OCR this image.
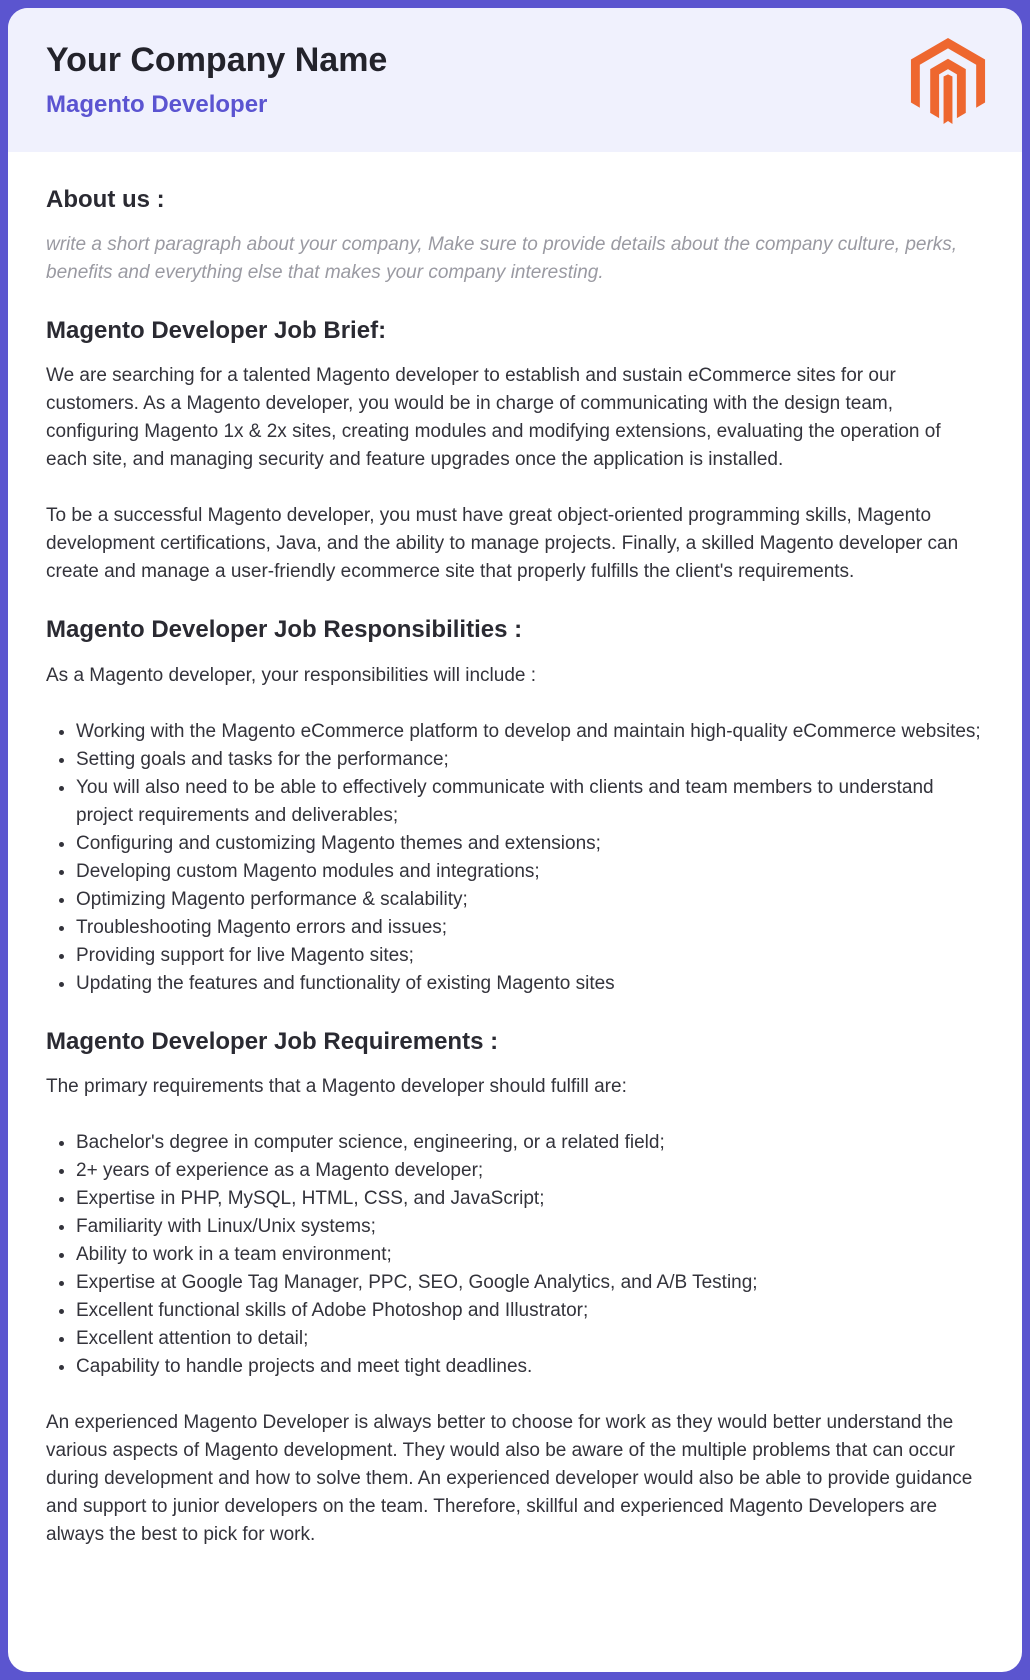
Your Company Name
Magento Developer
About us :

write a short paragraph about your company, Make sure to provide details about the company culture, perks, benefits and everything else that makes your company interesting.

Magento Developer Job Brief:

We are searching for a talented Magento developer to establish and sustain eCommerce sites for our customers. As a Magento developer, you would be in charge of communicating with the design team, configuring Magento 1x & 2x sites, creating modules and modifying extensions, evaluating the operation of each site, and managing security and feature upgrades once the application is installed.

To be a successful Magento developer, you must have great object-oriented programming skills, Magento development certifications, Java, and the ability to manage projects. Finally, a skilled Magento developer can create and manage a user-friendly ecommerce site that properly fulfills the client's requirements.

Magento Developer Job Responsibilities :

As a Magento developer, your responsibilities will include :

• Working with the Magento eCommerce platform to develop and maintain high-quality eCommerce websites;
• Setting goals and tasks for the performance;
• You will also need to be able to effectively communicate with clients and team members to understand project requirements and deliverables;
• Configuring and customizing Magento themes and extensions;
• Developing custom Magento modules and integrations;
• Optimizing Magento performance & scalability;
• Troubleshooting Magento errors and issues;
• Providing support for live Magento sites;
• Updating the features and functionality of existing Magento sites
Magento Developer Job Requirements :

The primary requirements that a Magento developer should fulfill are:

• Bachelor's degree in computer science, engineering, or a related field;
• 2+ years of experience as a Magento developer;
• Expertise in PHP, MySQL, HTML, CSS, and JavaScript;
• Familiarity with Linux/Unix systems;
• Ability to work in a team environment;
• Expertise at Google Tag Manager, PPC, SEO, Google Analytics, and A/B Testing;
• Excellent functional skills of Adobe Photoshop and Illustrator;
• Excellent attention to detail;
• Capability to handle projects and meet tight deadlines.

An experienced Magento Developer is always better to choose for work as they would better understand the various aspects of Magento development. They would also be aware of the multiple problems that can occur during development and how to solve them. An experienced developer would also be able to provide guidance and support to junior developers on the team. Therefore, skillful and experienced Magento Developers are always the best to pick for work.
